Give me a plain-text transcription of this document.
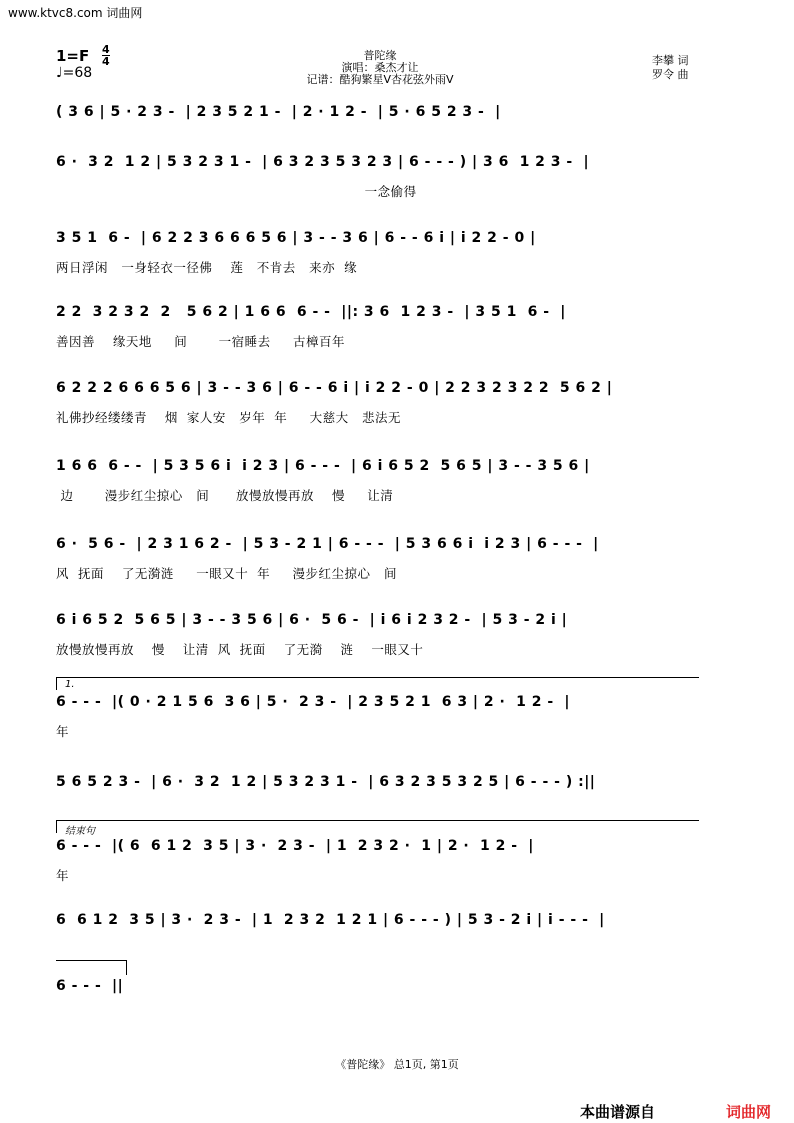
www.ktvc8.com 词曲网
$1=F \frac{4}{4}$
♩=68
普陀缘
演唱：桑杰才让
记谱：酷狗繁星V杏花弦外雨V
李攀 词
罗令 曲
( 3 6 | 5 · 2 3 -  | 2 3 5 2 1 -  | 2 · 1 2 -  | 5 · 6 5 2 3 -  |
6 ·  3 2  1 2 | 5 3 2 3 1 -  | 6 3 2 3 5 3 2 3 | 6 - - - ) | 3 6  1 2 3 -  |
一念偷得
3 5 1  6 -  | 6 2 2 3 6 6 6 5 6 | 3 - - 3 6 | 6 - - 6 i | i 2 2 - 0 |
两日浮闲   一身轻衣一径佛    莲   不肯去   来亦  缘
2 2  3 2 3 2  2   5 6 2 | 1 6 6  6 - -  ||: 3 6  1 2 3 -  | 3 5 1  6 -  |
善因善    缘天地     间       一宿睡去     古樟百年
6 2 2 2 6 6 6 5 6 | 3 - - 3 6 | 6 - - 6 i | i 2 2 - 0 | 2 2 3 2 3 2 2  5 6 2 |
礼佛抄经缕缕青    烟  家人安   岁年  年     大慈大   悲法无
1 6 6  6 - -  | 5 3 5 6 i  i 2 3 | 6 - - -  | 6 i 6 5 2  5 6 5 | 3 - - 3 5 6 |
边       漫步红尘掠心   间      放慢放慢再放    慢     让清
6 ·  5 6 -  | 2 3 1 6 2 -  | 5 3 - 2 1 | 6 - - -  | 5 3 6 6 i  i 2 3 | 6 - - -  |
风  抚面    了无漪涟     一眼又十  年     漫步红尘掠心   间
6 i 6 5 2  5 6 5 | 3 - - 3 5 6 | 6 ·  5 6 -  | i 6 i 2 3 2 -  | 5 3 - 2 i |
放慢放慢再放    慢    让清  风  抚面    了无漪    涟    一眼又十
1.
6 - - -  |( 0 · 2 1 5 6  3 6 | 5 ·  2 3 -  | 2 3 5 2 1  6 3 | 2 ·  1 2 -  |
年
5 6 5 2 3 -  | 6 ·  3 2  1 2 | 5 3 2 3 1 -  | 6 3 2 3 5 3 2 5 | 6 - - - ) :||
结束句
6 - - -  |( 6  6 1 2  3 5 | 3 ·  2 3 -  | 1  2 3 2 ·  1 | 2 ·  1 2 -  |
年
6  6 1 2  3 5 | 3 ·  2 3 -  | 1  2 3 2  1 2 1 | 6 - - - ) | 5 3 - 2 i | i - - -  |
6 - - -  ||
《普陀缘》 总1页, 第1页
本曲谱源自	词曲网
